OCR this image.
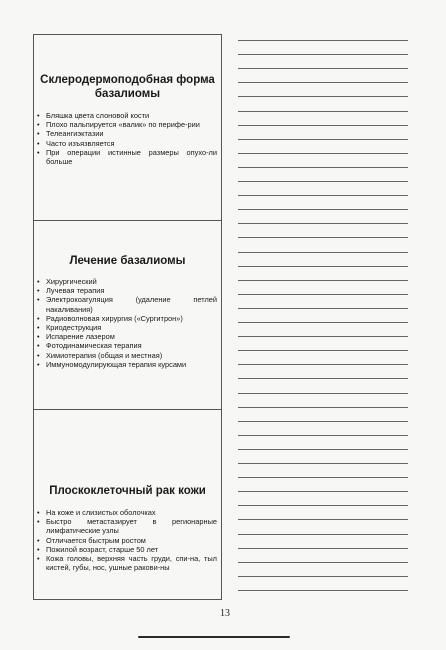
Склеродермоподобная форма базалиомы
• Бляшка цвета слоновой кости
• Плохо пальпируется «валик» по перифе-рии
• Телеангиэктазии
• Часто изъязвляется
• При операции истинные размеры опухо-ли больше
Лечение базалиомы
• Хирургический
• Лучевая терапия
• Электрокоагуляция (удаление петлей накаливания)
• Радиоволновая хирургия («Сургитрон»)
• Криодеструкция
• Испарение лазером
• Фотодинамическая терапия
• Химиотерапия (общая и местная)
• Иммуномодулирующая терапия курсами
Плоскоклеточный рак кожи
• На коже и слизистых оболочках
• Быстро метастазирует в регионарные лимфатические узлы
• Отличается быстрым ростом
• Пожилой возраст, старше 50 лет
• Кожа головы, верхняя часть груди, спи-на, тыл кистей, губы, нос, ушные ракови-ны
13
